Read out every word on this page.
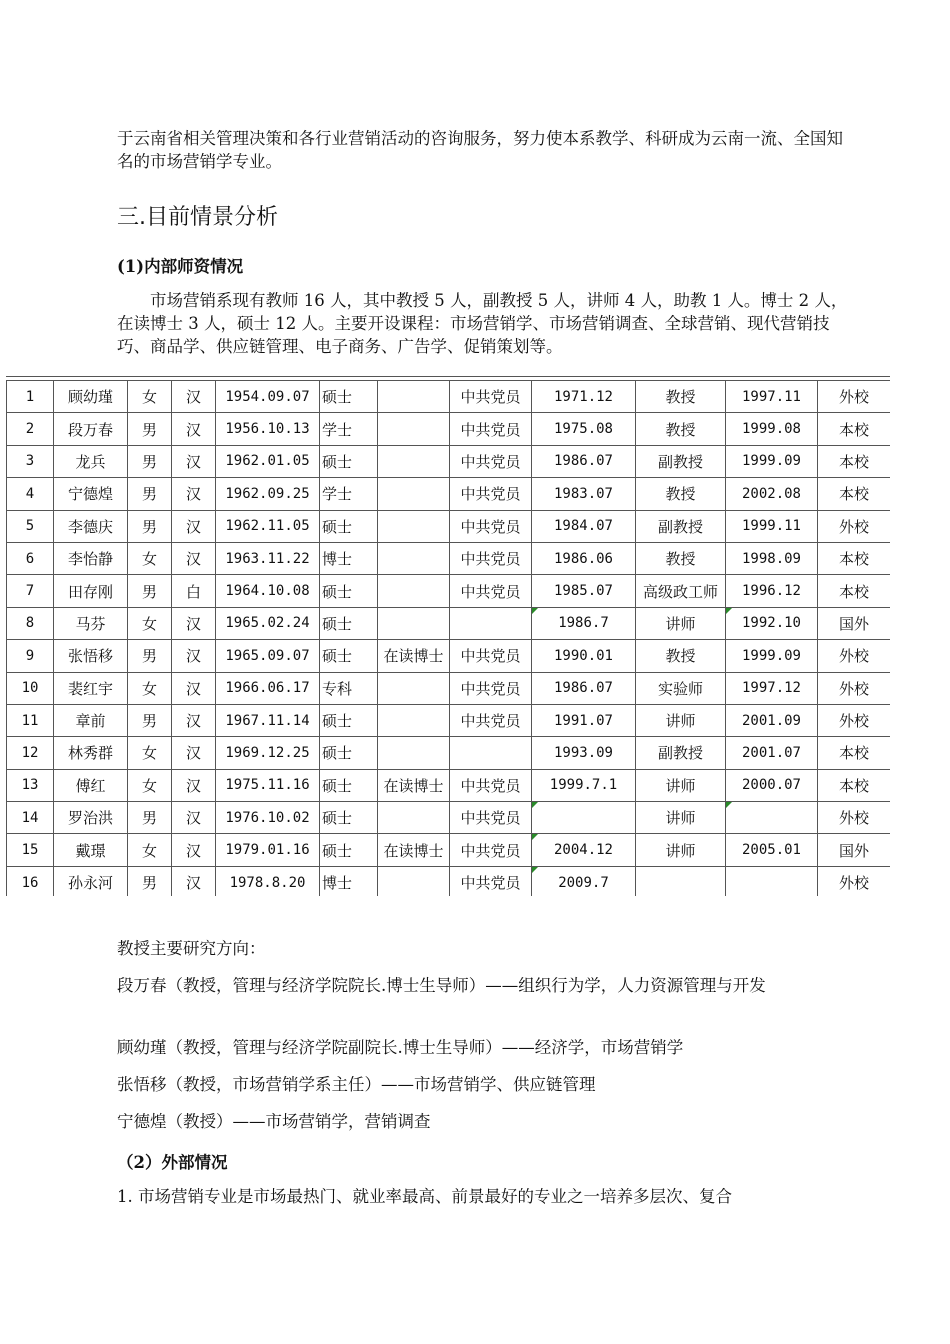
于云南省相关管理决策和各行业营销活动的咨询服务，努力使本系教学、科研成为云南一流、全国知名的市场营销学专业。

三.目前情景分析
(1)内部师资情况

市场营销系现有教师 16 人，其中教授 5 人，副教授 5 人，讲师 4 人，助教 1 人。博士 2 人，在读博士 3 人，硕士 12 人。主要开设课程：市场营销学、市场营销调查、全球营销、现代营销技巧、商品学、供应链管理、电子商务、广告学、促销策划等。

1	顾幼瑾	女	汉	1954.09.07	硕士		中共党员	1971.12	教授	1997.11	外校
2	段万春	男	汉	1956.10.13	学士		中共党员	1975.08	教授	1999.08	本校
3	龙兵	男	汉	1962.01.05	硕士		中共党员	1986.07	副教授	1999.09	本校
4	宁德煌	男	汉	1962.09.25	学士		中共党员	1983.07	教授	2002.08	本校
5	李德庆	男	汉	1962.11.05	硕士		中共党员	1984.07	副教授	1999.11	外校
6	李怡静	女	汉	1963.11.22	博士		中共党员	1986.06	教授	1998.09	本校
7	田存刚	男	白	1964.10.08	硕士		中共党员	1985.07	高级政工师	1996.12	本校
8	马芬	女	汉	1965.02.24	硕士			1986.7	讲师	1992.10	国外
9	张悟移	男	汉	1965.09.07	硕士	在读博士	中共党员	1990.01	教授	1999.09	外校
10	裴红宇	女	汉	1966.06.17	专科		中共党员	1986.07	实验师	1997.12	外校
11	章前	男	汉	1967.11.14	硕士		中共党员	1991.07	讲师	2001.09	外校
12	林秀群	女	汉	1969.12.25	硕士			1993.09	副教授	2001.07	本校
13	傅红	女	汉	1975.11.16	硕士	在读博士	中共党员	1999.7.1	讲师	2000.07	本校
14	罗治洪	男	汉	1976.10.02	硕士		中共党员		讲师		外校
15	戴璟	女	汉	1979.01.16	硕士	在读博士	中共党员	2004.12	讲师	2005.01	国外
16	孙永河	男	汉	1978.8.20	博士		中共党员	2009.7			外校

教授主要研究方向：

段万春（教授，管理与经济学院院长.博士生导师）——组织行为学，人力资源管理与开发

顾幼瑾（教授，管理与经济学院副院长.博士生导师）——经济学，市场营销学

张悟移（教授，市场营销学系主任）——市场营销学、供应链管理

宁德煌（教授）——市场营销学，营销调查

（2）外部情况

1. 市场营销专业是市场最热门、就业率最高、前景最好的专业之一培养多层次、复合
